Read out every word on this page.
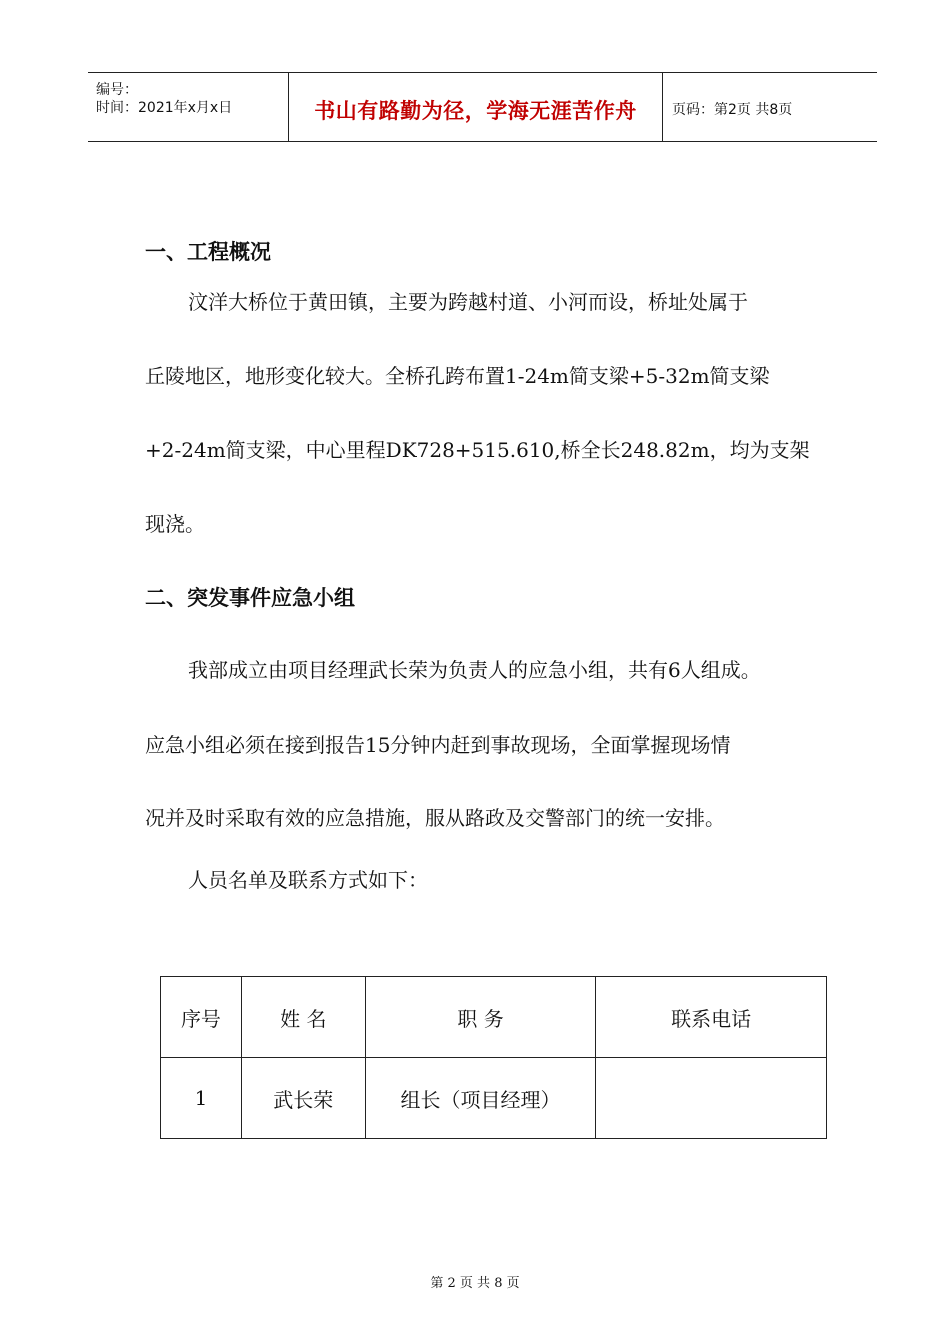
编号：
时间：2021年x月x日	书山有路勤为径，学海无涯苦作舟	页码：第2页 共8页
一、工程概况
汶洋大桥位于黄田镇，主要为跨越村道、小河而设，桥址处属于
丘陵地区，地形变化较大。全桥孔跨布置1-24m简支梁+5-32m简支梁
+2-24m简支梁，中心里程DK728+515.610,桥全长248.82m，均为支架
现浇。
二、突发事件应急小组
我部成立由项目经理武长荣为负责人的应急小组，共有6人组成。
应急小组必须在接到报告15分钟内赶到事故现场，全面掌握现场情
况并及时采取有效的应急措施，服从路政及交警部门的统一安排。
人员名单及联系方式如下：
序号	姓 名	职 务	联系电话
1	武长荣	组长（项目经理）	
第 2 页 共 8 页
